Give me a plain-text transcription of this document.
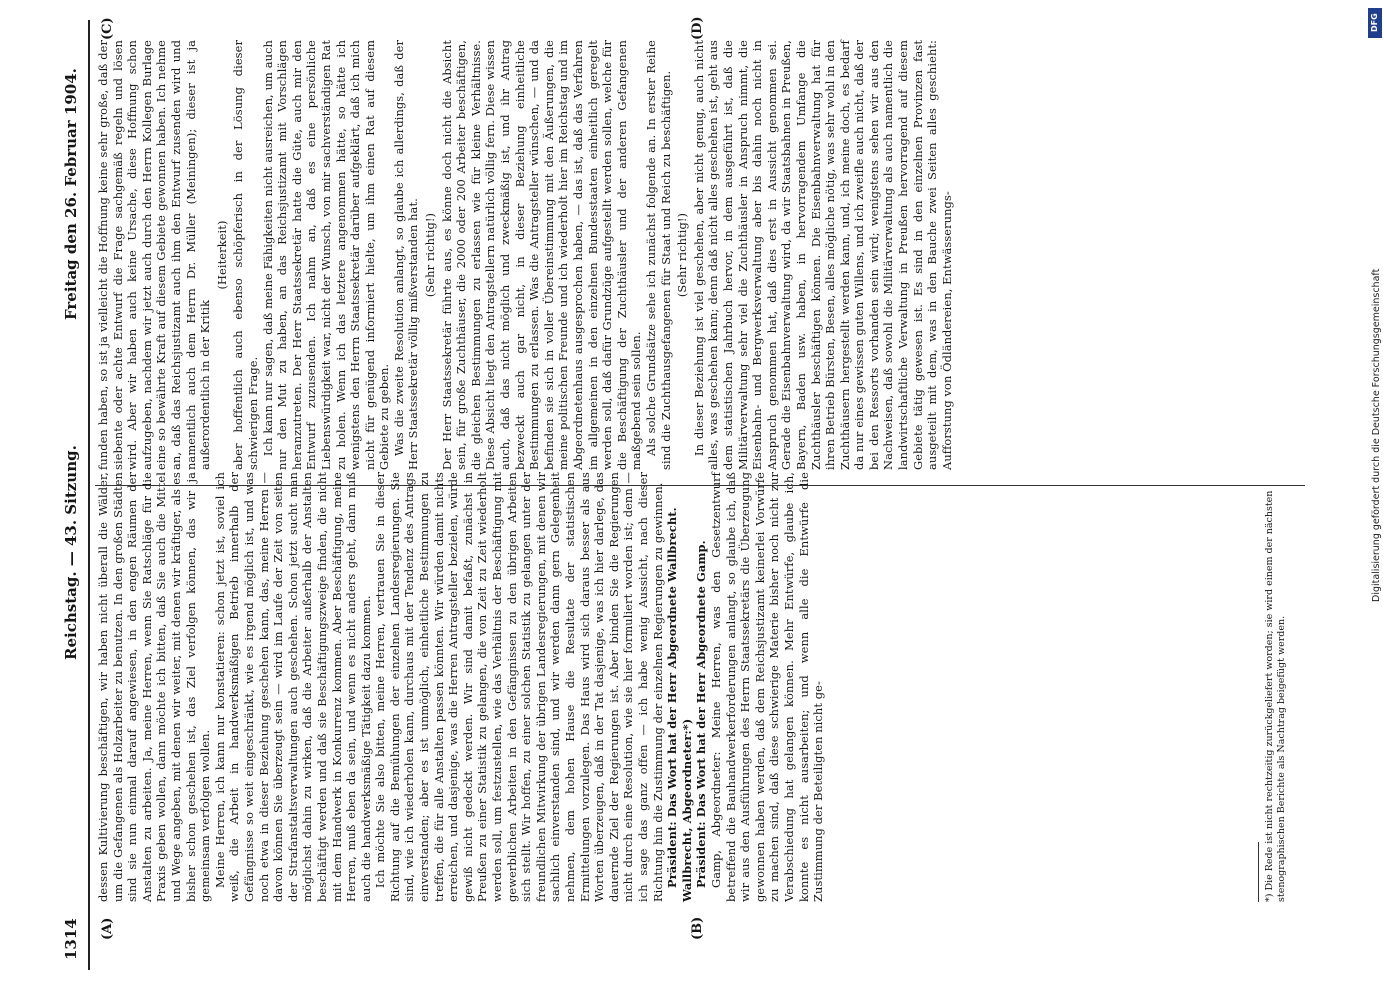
1314
Reichstag. — 43. Sitzung.
Freitag den 26. Februar 1904.
(A)	(B)
(C)	(D)

dessen Kultivierung beschäftigen, wir haben nicht überall die Wälder, um die Gefangenen als Holzarbeiter zu benutzen. In den großen Städten sind sie nun einmal darauf angewiesen, in den engen Räumen der Anstalten zu arbeiten. Ja, meine Herren, wenn Sie Ratschläge für die Praxis geben wollen, dann möchte ich bitten, daß Sie auch die Mittel und Wege angeben, mit denen wir weiter, mit denen wir kräftiger, als es bisher schon geschehen ist, das Ziel verfolgen können, das wir ja gemeinsam verfolgen wollen. Meine Herren, ich kann nur konstatieren: schon jetzt ist, soviel ich weiß, die Arbeit in handwerksmäßigen Betrieb innerhalb der Gefängnisse so weit eingeschränkt, wie es irgend möglich ist, und was noch etwa in dieser Beziehung geschehen kann, das, meine Herren — davon können Sie überzeugt sein — wird im Laufe der Zeit von seiten der Strafanstaltsverwaltungen auch geschehen. Schon jetzt sucht man möglichst dahin zu wirken, daß die Arbeiter außerhalb der Anstalten beschäftigt werden und daß sie Beschäftigungszweige finden, die nicht mit dem Handwerk in Konkurrenz kommen. Aber Beschäftigung, meine Herren, muß eben da sein, und wenn es nicht anders geht, dann muß auch die handwerksmäßige Tätigkeit dazu kommen. Ich möchte Sie also bitten, meine Herren, vertrauen Sie in dieser Richtung auf die Bemühungen der einzelnen Landesregierungen. Sie sind, wie ich wiederholen kann, durchaus mit der Tendenz des Antrags einverstanden; aber es ist unmöglich, einheitliche Bestimmungen zu treffen, die für alle Anstalten passen könnten. Wir würden damit nichts erreichen, und dasjenige, was die Herren Antragsteller bezielen, würde gewiß nicht gedeckt werden. Wir sind damit befaßt, zunächst in Preußen zu einer Statistik zu gelangen, die von Zeit zu Zeit wiederholt werden soll, um festzustellen, wie das Verhältnis der Beschäftigung mit gewerblichen Arbeiten in den Gefängnissen zu den übrigen Arbeiten sich stellt. Wir hoffen, zu einer solchen Statistik zu gelangen unter der freundlichen Mitwirkung der übrigen Landesregierungen, mit denen wir sachlich einverstanden sind, und wir werden dann gern Gelegenheit nehmen, dem hohen Hause die Resultate der statistischen Ermittelungen vorzulegen. Das Haus wird sich daraus besser als aus Worten überzeugen, daß in der Tat dasjenige, was ich hier darlege, das dauernde Ziel der Regierungen ist. Aber binden Sie die Regierungen nicht durch eine Resolution, wie sie hier formuliert worden ist; denn — ich sage das ganz offen — ich habe wenig Aussicht, nach dieser Richtung hin die Zustimmung der einzelnen Regierungen zu gewinnen. Präsident: Das Wort hat der Herr Abgeordnete Wallbrecht. Wallbrecht, Abgeordneter:*) Präsident: Das Wort hat der Herr Abgeordnete Gamp. Gamp, Abgeordneter: Meine Herren, was den Gesetzentwurf betreffend die Bauhandwerkerforderungen anlangt, so glaube ich, daß wir aus den Ausführungen des Herrn Staatssekretärs die Überzeugung gewonnen haben werden, daß dem Reichsjustizamt keinerlei Vorwürfe zu machen sind, daß diese schwierige Materie bisher noch nicht zur Verabschiedung hat gelangen können. Mehr Entwürfe, glaube ich, konnte es nicht ausarbeiten; und wenn alle die Entwürfe die Zustimmung der Beteiligten nicht ge-

funden haben, so ist ja vielleicht die Hoffnung keine sehr große, daß der siebente oder achte Entwurf die Frage sachgemäß regeln und lösen wird. Aber wir haben auch keine Ursache, diese Hoffnung schon aufzugeben, nachdem wir jetzt auch durch den Herrn Kollegen Burlage eine so bewährte Kraft auf diesem Gebiete gewonnen haben. Ich nehme an, daß das Reichsjustizamt auch ihm den Entwurf zusenden wird und namentlich auch dem Herrn Dr. Müller (Meiningen); dieser ist ja außerordentlich in der Kritik

(Heiterkeit) aber hoffentlich auch ebenso schöpferisch in der Lösung dieser schwierigen Frage. Ich kann nur sagen, daß meine Fähigkeiten nicht ausreichen, um auch nur den Mut zu haben, an das Reichsjustizamt mit Vorschlägen heranzutreten. Der Herr Staatssekretär hatte die Güte, auch mir den Entwurf zuzusenden. Ich nahm an, daß es eine persönliche Liebenswürdigkeit war, nicht der Wunsch, von mir sachverständigen Rat zu holen. Wenn ich das letztere angenommen hätte, so hätte ich wenigstens den Herrn Staatssekretär darüber aufgeklärt, daß ich mich nicht für genügend informiert hielte, um ihm einen Rat auf diesem Gebiete zu geben. Was die zweite Resolution anlangt, so glaube ich allerdings, daß der Herr Staatssekretär völlig mißverstanden hat. (Sehr richtig!) Der Herr Staatssekretär führte aus, es könne doch nicht die Absicht sein, für große Zuchthäuser, die 2000 oder 200 Arbeiter beschäftigen, die gleichen Bestimmungen zu erlassen wie für kleine Verhältnisse. Diese Absicht liegt den Antragstellern natürlich völlig fern. Diese wissen auch, daß das nicht möglich und zweckmäßig ist, und ihr Antrag bezweckt auch gar nicht, in dieser Beziehung einheitliche Bestimmungen zu erlassen. Was die Antragsteller wünschen, — und da befinden sie sich in voller Übereinstimmung mit den Äußerungen, die meine politischen Freunde und ich wiederholt hier im Reichstag und im Abgeordnetenhaus ausgesprochen haben, — das ist, daß das Verfahren im allgemeinen in den einzelnen Bundesstaaten einheitlich geregelt werden soll, daß dafür Grundzüge aufgestellt werden sollen, welche für die Beschäftigung der Zuchthäusler und der anderen Gefangenen maßgebend sein sollen. Als solche Grundsätze sehe ich zunächst folgende an. In erster Reihe sind die Zuchthausgefangenen für Staat und Reich zu beschäftigen. (Sehr richtig!) In dieser Beziehung ist viel geschehen, aber nicht genug, auch nicht alles, was geschehen kann; denn daß nicht alles geschehen ist, geht aus dem statistischen Jahrbuch hervor, in dem ausgeführt ist, daß die Militärverwaltung sehr viel die Zuchthäusler in Anspruch nimmt, die Eisenbahn- und Bergwerksverwaltung aber bis dahin noch nicht in Anspruch genommen hat, daß dies erst in Aussicht genommen sei. Gerade die Eisenbahnverwaltung wird, da wir Staatsbahnen in Preußen, Bayern, Baden usw. haben, in hervorragendem Umfange die Zuchthäusler beschäftigen können. Die Eisenbahnverwaltung hat für ihren Betrieb Bürsten, Besen, alles mögliche nötig, was sehr wohl in den Zuchthäusern hergestellt werden kann, und, ich meine doch, es bedarf da nur eines gewissen guten Willens, und ich zweifle auch nicht, daß der bei den Ressorts vorhanden sein wird; wenigstens sehen wir aus den Nachweisen, daß sowohl die Militärverwaltung als auch namentlich die landwirtschaftliche Verwaltung in Preußen hervorragend auf diesem Gebiete tätig gewesen ist. Es sind in den einzelnen Provinzen fast ausgeteilt mit dem, was in den Bauche zwei Seiten alles geschieht: Aufforstung von Ödländereien, Entwässerungs-

*) Die Rede ist nicht rechtzeitig zurückgeliefert worden; sie wird einem der nächsten stenographischen Berichte als Nachtrag beigefügt werden.
DFG
Digitalisierung gefördert durch die Deutsche Forschungsgemeinschaft
